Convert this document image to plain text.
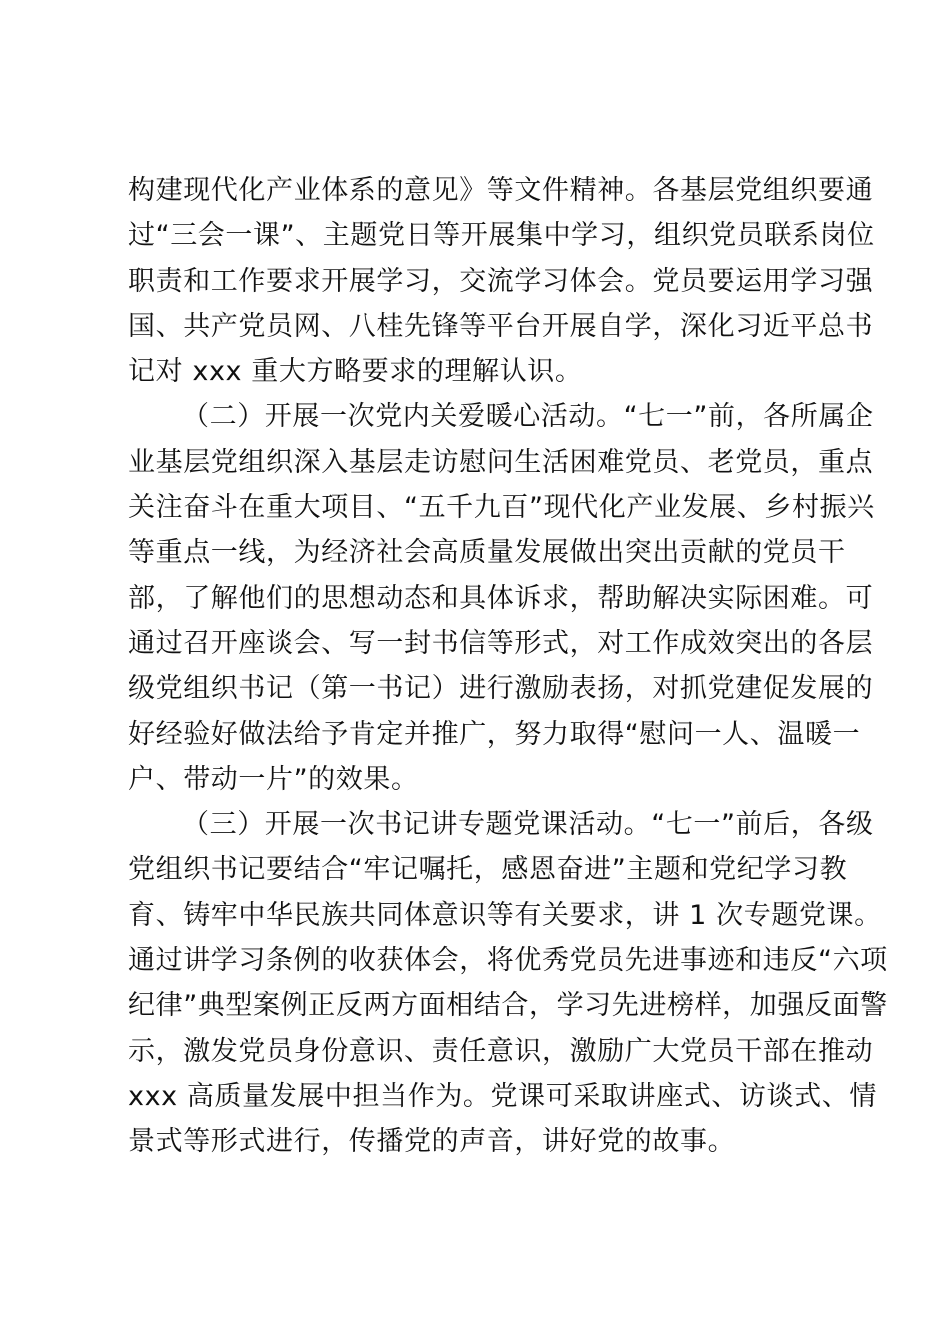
构建现代化产业体系的意见》等文件精神。各基层党组织要通
过“三会一课”、主题党日等开展集中学习，组织党员联系岗位
职责和工作要求开展学习，交流学习体会。党员要运用学习强
国、共产党员网、八桂先锋等平台开展自学，深化习近平总书
记对 xxx 重大方略要求的理解认识。
（二）开展一次党内关爱暖心活动。“七一”前，各所属企
业基层党组织深入基层走访慰问生活困难党员、老党员，重点
关注奋斗在重大项目、“五千九百”现代化产业发展、乡村振兴
等重点一线，为经济社会高质量发展做出突出贡献的党员干
部，了解他们的思想动态和具体诉求，帮助解决实际困难。可
通过召开座谈会、写一封书信等形式，对工作成效突出的各层
级党组织书记（第一书记）进行激励表扬，对抓党建促发展的
好经验好做法给予肯定并推广，努力取得“慰问一人、温暖一
户、带动一片”的效果。
（三）开展一次书记讲专题党课活动。“七一”前后，各级
党组织书记要结合“牢记嘱托，感恩奋进”主题和党纪学习教
育、铸牢中华民族共同体意识等有关要求，讲 1 次专题党课。
通过讲学习条例的收获体会，将优秀党员先进事迹和违反“六项
纪律”典型案例正反两方面相结合，学习先进榜样，加强反面警
示，激发党员身份意识、责任意识，激励广大党员干部在推动
xxx 高质量发展中担当作为。党课可采取讲座式、访谈式、情
景式等形式进行，传播党的声音，讲好党的故事。
